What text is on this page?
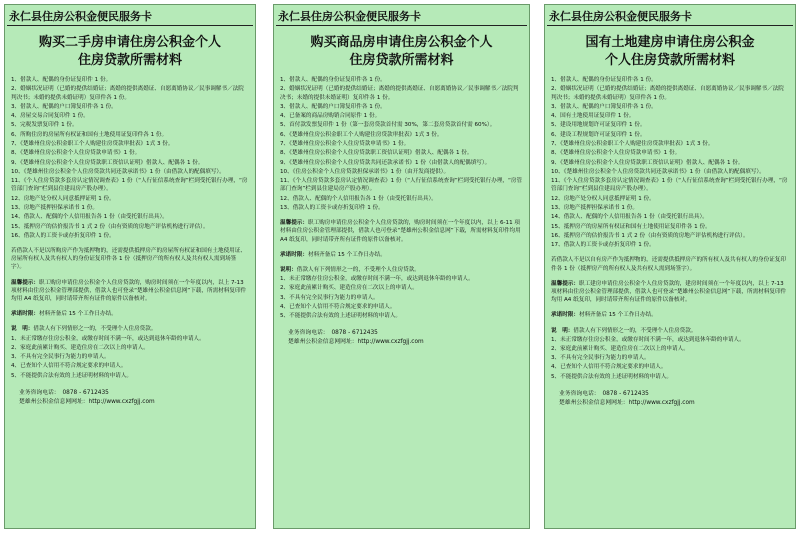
永仁县住房公积金便民服务卡
购买二手房申请住房公积金个人
住房贷款所需材料
1、借款人、配偶的身份证复印件 1 份。
2、婚姻状况证明（已婚的提供结婚证；离婚的提供离婚证、自愿离婚协议／民事调解书／法院判决书；未婚的提供未婚证明）复印件各 1 份。
3、借款人、配偶的户口簿复印件各 1 份。
4、房屋交易合同复印件 1 份。
5、完税发票复印件 1 份。
6、所购住房的房屋所有权证和国有土地使用证复印件各 1 份。
7、《楚雄州住房公积金职工个人购建住房贷款审批表》1式 3 份。
8、《楚雄州住房公积金个人住房贷款申请书》1 份。
9、《楚雄州住房公积金个人住房贷款职工资信认证明》借款人、配偶各 1 份。
10、《楚雄州住房公积金个人住房贷款共同还款承诺书》1 份（由借款人的配偶填写）。
11、《个人住房贷款多套房认定情况调查表》1 份（“人行征信系统查询”栏到受托银行办理，“房管部门查询”栏到县住建局房产股办理）。
12、房地产处分权人同意抵押证明 1 份。
13、房地产抵押担保承诺书 1 份。
14、借款人、配偶的个人信用报告各 1 份（由受托银行出具）。
15、抵押房产的估价报告书 1 式 2 份（由有资质的房地产评估机构进行评估）。
16、借款人的工资卡或存折复印件 1 份。
若借款人不是以所购房产作为抵押物的，还需提供抵押房产的房屋所有权证和国有土地使用证、房屋所有权人及共有权人的身份证复印件各 1 份（抵押房产的所有权人及共有权人需到场签字）。
温馨提示：职工购房申请住房公积金个人住房贷款的，购房时间须在一个年度以内，以上 7-13 项材料由住房公积金管理部提供，借款人也可登录“楚雄州公积金信息网”下载，所需材料复印件均用 A4 纸复印，同时请带齐所有证件的原件以备核对。
承诺时限：材料齐备后 15 个工作日办结。
说　明：借款人有下列情形之一的，不受理个人住房贷款。
1、未正常缴存住房公积金，或缴存时间不满一年，或达到退休年龄的申请人。
2、家庭此前累计购买、建造住房在二次以上的申请人。
3、不具有完全民事行为能力的申请人。
4、已查知个人信用不符合规定要求的申请人。
5、不能提供合法有效的上述证明材料的申请人。
业务咨询电话：　0878 - 6712435
楚雄州公积金信息网网址：http://www.cxzfgjj.com
永仁县住房公积金便民服务卡
购买商品房申请住房公积金个人
住房贷款所需材料
1、借款人、配偶的身份证复印件各 1 份。
2、婚姻状况证明（已婚的提供结婚证；离婚的提供离婚证、自愿离婚协议／民事调解书／法院判决书；未婚的提供未婚证明）复印件各 1 份。
3、借款人、配偶的户口簿复印件各 1 份。
4、已备案的商品房购销合同原件 1 份。
5、首付款发票复印件 1 份（第一套房贷款首付需 30%，第二套房贷款首付需 60%）。
6、《楚雄州住房公积金职工个人购建住房贷款审批表》1式 3 份。
7、《楚雄州住房公积金个人住房贷款申请书》1 份。
8、《楚雄州住房公积金个人住房贷款职工资信认证明》借款人、配偶各 1 份。
9、《楚雄州住房公积金个人住房贷款共同还款承诺书》1 份（由借款人的配偶填写）。
10、《住房公积金个人住房贷款担保承诺书》1 份（由开发商提供）。
11、《个人住房贷款多套房认定情况调查表》1 份（“人行征信系统查询”栏到受托银行办理，“房管部门查询”栏到县住建局房产股办理）。
12、借款人、配偶的个人信用报告各 1 份（由受托银行出具）。
13、借款人的工资卡或存折复印件 1 份。
温馨提示：职工购房申请住房公积金个人住房贷款的，购房时间须在一个年度以内，以上 6-11 项材料由住房公积金管理部提供，借款人也可登录“楚雄州公积金信息网”下载，所需材料复印件均用 A4 纸复印，同时请带齐所有证件的原件以备核对。
承诺时限：材料齐备后 15 个工作日办结。
说明：借款人有下列情形之一的，不受理个人住房贷款。
1、未正常缴存住房公积金，或缴存时间不满一年，或达到退休年龄的申请人。
2、家庭此前累计购买、建造住房在二次以上的申请人。
3、不具有完全民事行为能力的申请人。
4、已查知个人信用不符合规定要求的申请人。
5、不能提供合法有效的上述证明材料的申请人。
业务咨询电话：　0878 - 6712435
楚雄州公积金信息网网址：http://www.cxzfgjj.com
永仁县住房公积金便民服务卡
国有土地建房申请住房公积金
个人住房贷款所需材料
1、借款人、配偶的身份证复印件各 1 份。
2、婚姻状况证明（已婚的提供结婚证；离婚的提供离婚证、自愿离婚协议／民事调解书／法院判决书；未婚的提供未婚证明）复印件各 1 份。
3、借款人、配偶的户口簿复印件各 1 份。
4、国有土地使用证复印件 1 份。
5、建设用地规划许可证复印件 1 份。
6、建设工程规划许可证复印件 1 份。
7、《楚雄州住房公积金职工个人购建住房贷款审批表》1式 3 份。
8、《楚雄州住房公积金个人住房贷款申请书》1 份。
9、《楚雄州住房公积金个人住房贷款职工资信认证明》借款人、配偶各 1 份。
10、《楚雄州住房公积金个人住房贷款共同还款承诺书》1 份（由借款人的配偶填写）。
11、《个人住房贷款多套房认定情况调查表》1 份（“人行征信系统查询”栏到受托银行办理，“房管部门查询”栏到县住建局房产股办理）。
12、房地产处分权人同意抵押证明 1 份。
13、房地产抵押担保承诺书 1 份。
14、借款人、配偶的个人信用报告各 1 份（由受托银行出具）。
15、抵押房产的房屋所有权证和国有土地使用证复印件各 1 份。
16、抵押房产的估价报告书 1 式 2 份（由有资质的房地产评估机构进行评估）。
17、借款人的工资卡或存折复印件 1 份。
若借款人不是以自有房产作为抵押物的，还需提供抵押房产的所有权人及共有权人的身份证复印件各 1 份（抵押房产的所有权人及共有权人需到场签字）。
温馨提示：职工建房申请住房公积金个人住房贷款的，建房时间须在一个年度以内，以上 7-13 项材料由住房公积金管理部提供，借款人也可登录“楚雄州公积金信息网”下载，所需材料复印件均用 A4 纸复印，同时请带齐所有证件的原件以备核对。
承诺时限：材料齐备后 15 个工作日办结。
说　明：借款人有下列情形之一的，不受理个人住房贷款。
1、未正常缴存住房公积金，或缴存时间不满一年，或达到退休年龄的申请人。
2、家庭此前累计购买、建造住房在二次以上的申请人。
3、不具有完全民事行为能力的申请人。
4、已查知个人信用不符合规定要求的申请人。
5、不能提供合法有效的上述证明材料的申请人。
业务咨询电话：　0878 - 6712435
楚雄州公积金信息网网址：http://www.cxzfgjj.com
